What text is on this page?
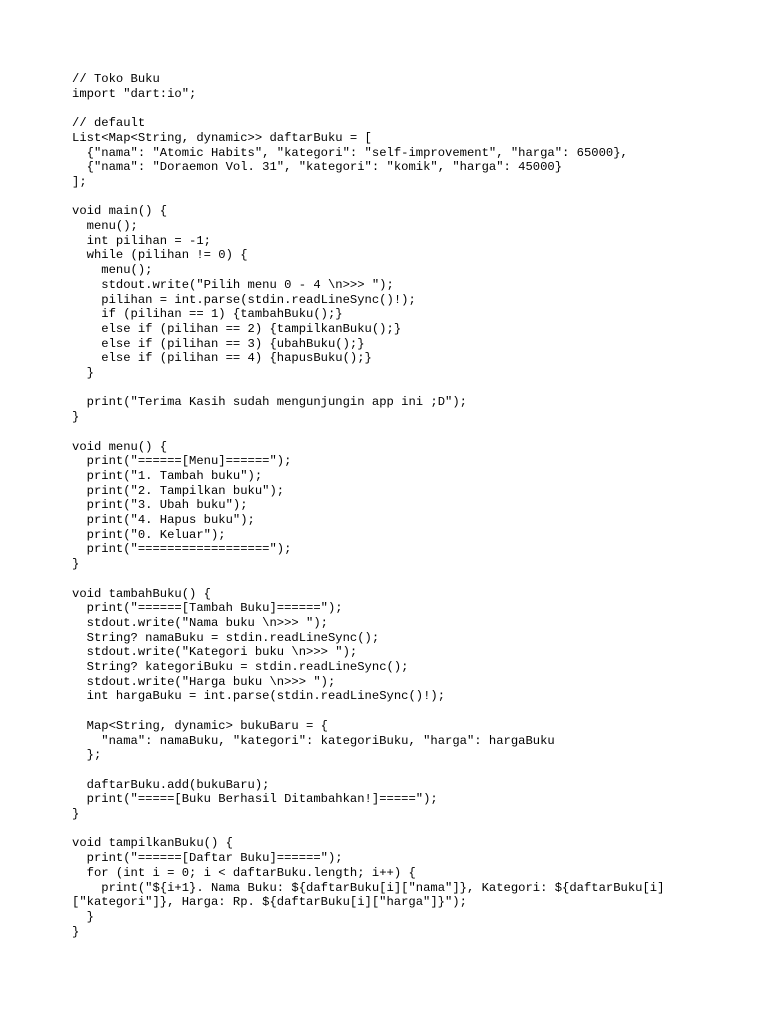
// Toko Buku
import "dart:io";
// default
List<Map<String, dynamic>> daftarBuku = [
{"nama": "Atomic Habits", "kategori": "self-improvement", "harga": 65000},
{"nama": "Doraemon Vol. 31", "kategori": "komik", "harga": 45000}
];
void main() {
menu();
int pilihan = -1;
while (pilihan != 0) {
menu();
stdout.write("Pilih menu 0 - 4 \n>>> ");
pilihan = int.parse(stdin.readLineSync()!);
if (pilihan == 1) {tambahBuku();}
else if (pilihan == 2) {tampilkanBuku();}
else if (pilihan == 3) {ubahBuku();}
else if (pilihan == 4) {hapusBuku();}
}
print("Terima Kasih sudah mengunjungin app ini ;D");
}
void menu() {
print("======[Menu]======");
print("1. Tambah buku");
print("2. Tampilkan buku");
print("3. Ubah buku");
print("4. Hapus buku");
print("0. Keluar");
print("==================");
}
void tambahBuku() {
print("======[Tambah Buku]======");
stdout.write("Nama buku \n>>> ");
String? namaBuku = stdin.readLineSync();
stdout.write("Kategori buku \n>>> ");
String? kategoriBuku = stdin.readLineSync();
stdout.write("Harga buku \n>>> ");
int hargaBuku = int.parse(stdin.readLineSync()!);
Map<String, dynamic> bukuBaru = {
"nama": namaBuku, "kategori": kategoriBuku, "harga": hargaBuku
};
daftarBuku.add(bukuBaru);
print("=====[Buku Berhasil Ditambahkan!]=====");
}
void tampilkanBuku() {
print("======[Daftar Buku]======");
for (int i = 0; i < daftarBuku.length; i++) {
print("${i+1}. Nama Buku: ${daftarBuku[i]["nama"]}, Kategori: ${daftarBuku[i]
["kategori"]}, Harga: Rp. ${daftarBuku[i]["harga"]}");
}
}
